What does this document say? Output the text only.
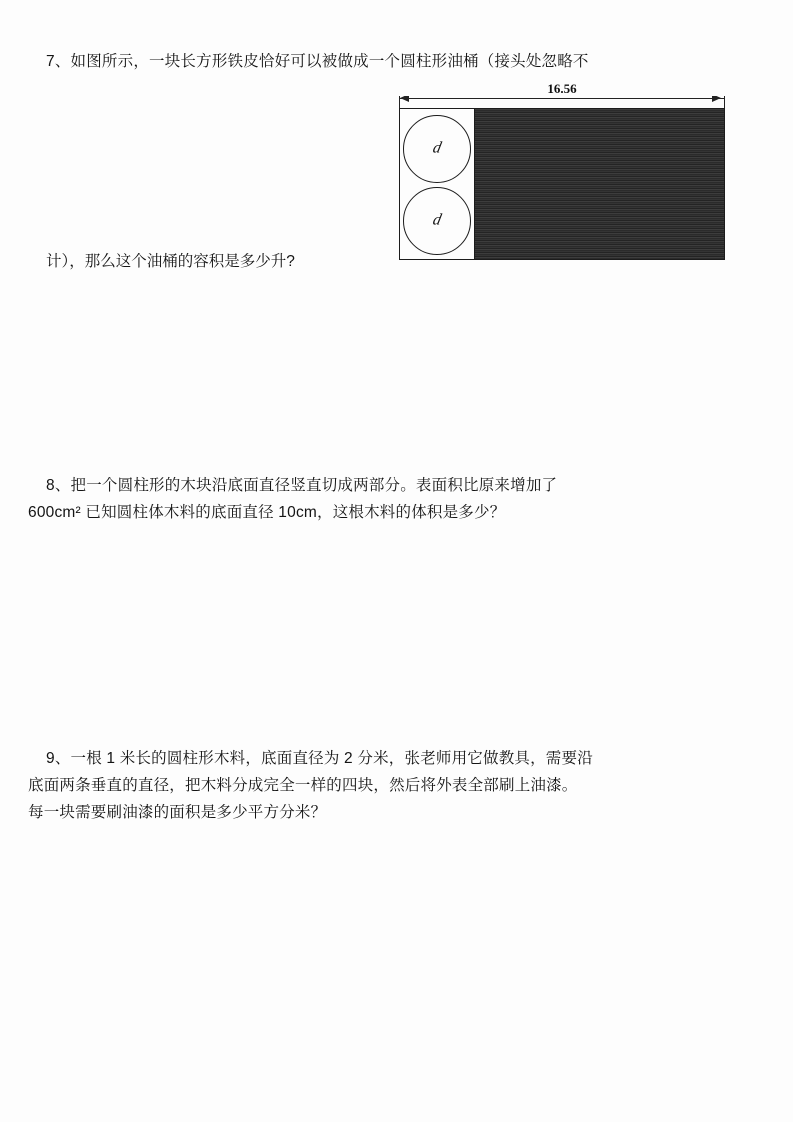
7、如图所示，一块长方形铁皮恰好可以被做成一个圆柱形油桶（接头处忽略不
计），那么这个油桶的容积是多少升?
16.56
d
d
8、把一个圆柱形的木块沿底面直径竖直切成两部分。表面积比原来增加了
600cm² 已知圆柱体木料的底面直径 10cm，这根木料的体积是多少？
9、一根 1 米长的圆柱形木料，底面直径为 2 分米，张老师用它做教具，需要沿
底面两条垂直的直径，把木料分成完全一样的四块，然后将外表全部刷上油漆。
每一块需要刷油漆的面积是多少平方分米？
